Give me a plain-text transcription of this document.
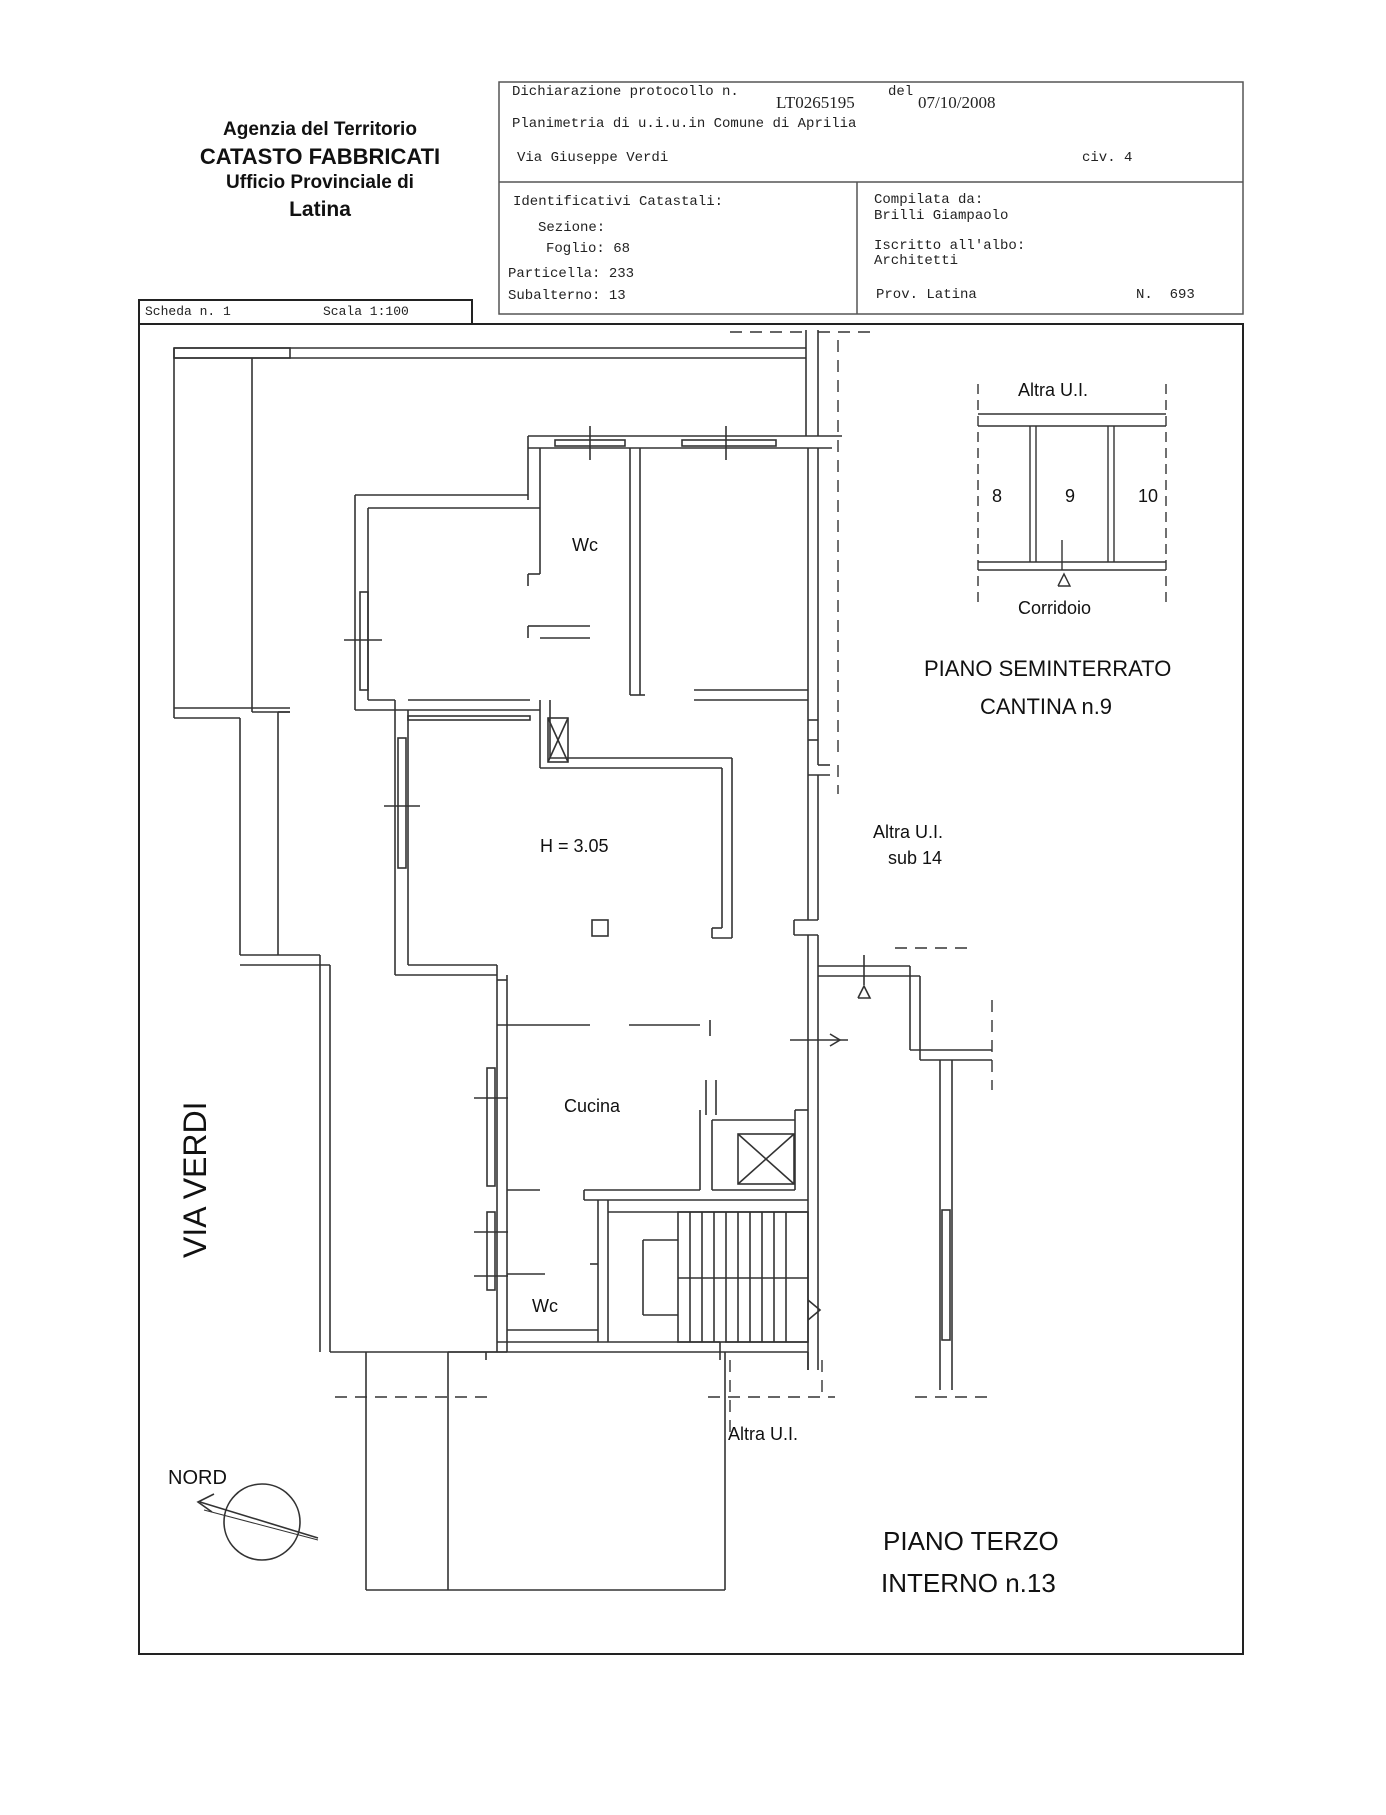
Agenzia del Territorio
CATASTO FABBRICATI
Ufficio Provinciale di
Latina
Dichiarazione protocollo n.
LT0265195
del
07/10/2008
Planimetria di u.i.u.in Comune di Aprilia
Via Giuseppe Verdi	civ. 4
Identificativi Catastali:
Sezione:
Foglio: 68
Particella: 233
Subalterno: 13
Compilata da:
Brilli Giampaolo
Iscritto all'albo:
Architetti
Prov. Latina	N.  693
Scheda n. 1	Scala 1:100
VIA VERDI
Wc
H = 3.05
Cucina
Wc
Altra U.I.
sub 14
Altra U.I.
NORD
PIANO TERZO
INTERNO n.13
Altra U.I.
8	9	10
Corridoio
PIANO SEMINTERRATO
CANTINA n.9
